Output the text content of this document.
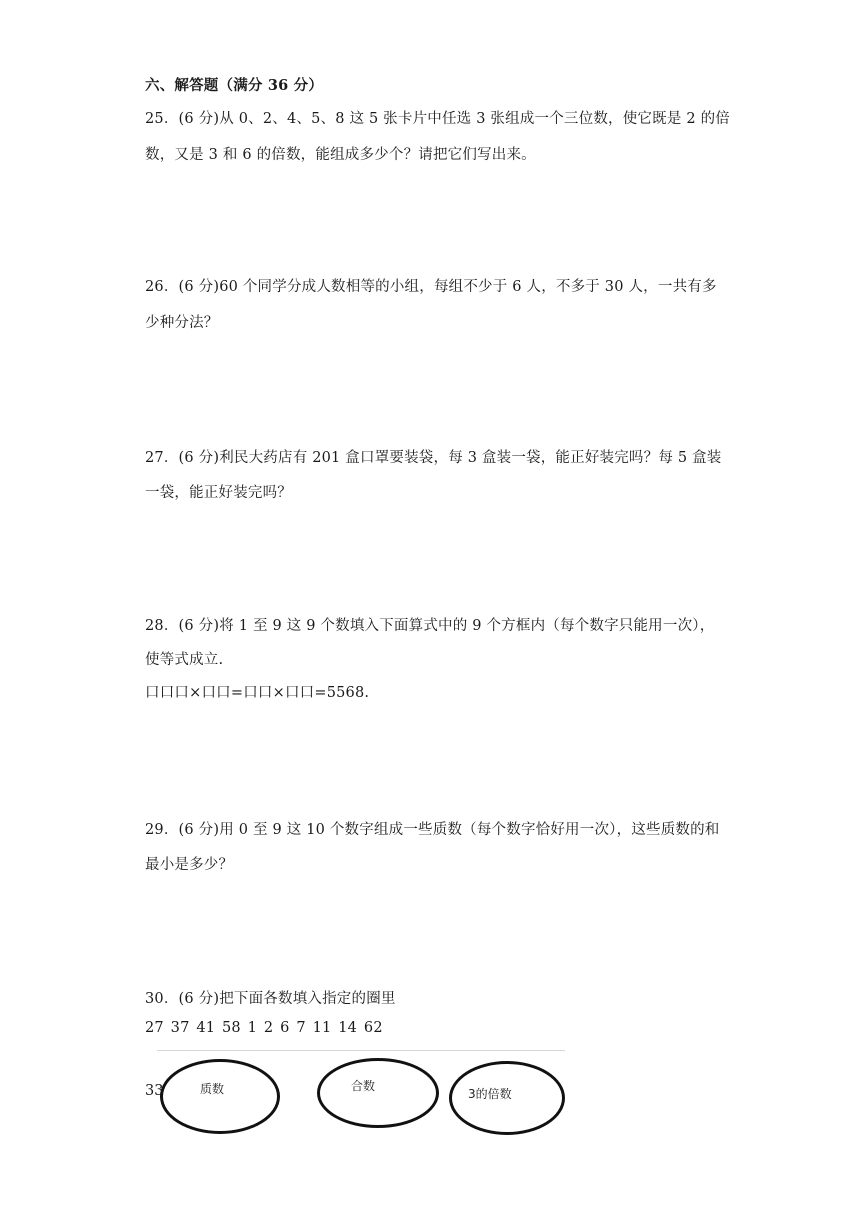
六、解答题（满分 36 分）
25．(6 分)从 0、2、4、5、8 这 5 张卡片中任选 3 张组成一个三位数，使它既是 2 的倍
数，又是 3 和 6 的倍数，能组成多少个？请把它们写出来。
26．(6 分)60 个同学分成人数相等的小组，每组不少于 6 人，不多于 30 人，一共有多
少种分法？
27．(6 分)利民大药店有 201 盒口罩要装袋，每 3 盒装一袋，能正好装完吗？每 5 盒装
一袋，能正好装完吗？
28．(6 分)将 1 至 9 这 9 个数填入下面算式中的 9 个方框内（每个数字只能用一次），
使等式成立.
口口口×口口=口口×口口=5568.
29．(6 分)用 0 至 9 这 10 个数字组成一些质数（每个数字恰好用一次），这些质数的和
最小是多少？
30．(6 分)把下面各数填入指定的圈里
27 37 41 58 1 2 6 7 11 14 62
33	质数	合数
3的倍数
